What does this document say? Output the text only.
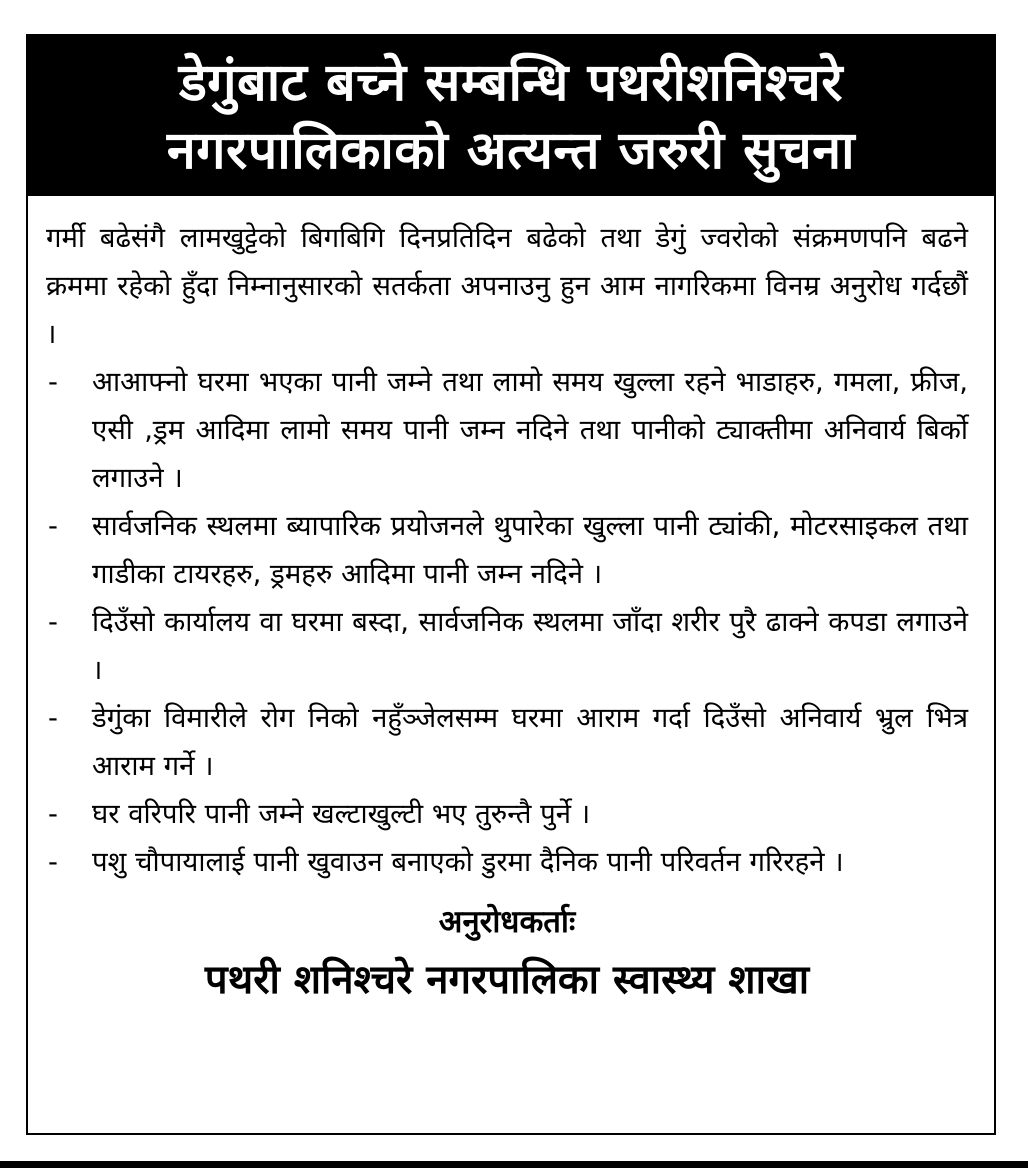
डेगुंबाट बच्ने सम्बन्धि पथरीशनिश्चरे
नगरपालिकाको अत्यन्त जरुरी सुचना

गर्मी बढेसंगै लामखुट्टेको बिगबिगि दिनप्रतिदिन बढेको तथा डेगुं ज्वरोको संक्रमणपनि बढने क्रममा रहेको हुँदा निम्नानुसारको सतर्कता अपनाउनु हुन आम नागरिकमा विनम्र अनुरोध गर्दछौं ।

-	आआफ्नो घरमा भएका पानी जम्ने तथा लामो समय खुल्ला रहने भाडाहरु, गमला, फ्रीज, एसी ,ड्रम आदिमा लामो समय पानी जम्न नदिने तथा पानीको ट्याक्तीमा अनिवार्य बिर्को लगाउने ।
-	सार्वजनिक स्थलमा ब्यापारिक प्रयोजनले थुपारेका खुल्ला पानी ट्यांकी, मोटरसाइकल तथा गाडीका टायरहरु, ड्रमहरु आदिमा पानी जम्न नदिने ।
-	दिउँसो कार्यालय वा घरमा बस्दा, सार्वजनिक स्थलमा जाँदा शरीर पुरै ढाक्ने कपडा लगाउने ।
-	डेगुंका विमारीले रोग निको नहुँञ्जेलसम्म घरमा आराम गर्दा दिउँसो अनिवार्य भ्रुल भित्र आराम गर्ने ।
-	घर वरिपरि पानी जम्ने खल्टाखुल्टी भए तुरुन्तै पुर्ने ।
-	पशु चौपायालाई पानी खुवाउन बनाएको डुरमा दैनिक पानी परिवर्तन गरिरहने ।
अनुरोधकर्ताः
पथरी शनिश्चरे नगरपालिका स्वास्थ्य शाखा
